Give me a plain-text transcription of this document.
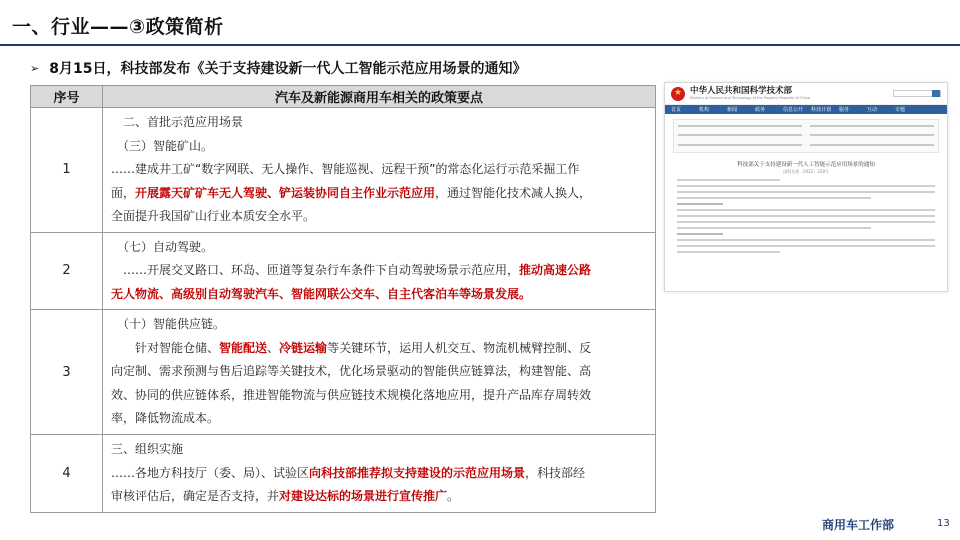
一、行业——③政策简析
➢ 8月15日，科技部发布《关于支持建设新一代人工智能示范应用场景的通知》
序号	汽车及新能源商用车相关的政策要点
1	二、首批示范应用场景
（三）智能矿山。
……建成井工矿“数字网联、无人操作、智能巡视、远程干预”的常态化运行示范采掘工作
面，开展露天矿矿车无人驾驶、铲运装协同自主作业示范应用，通过智能化技术减人换人，
全面提升我国矿山行业本质安全水平。

2	（七）自动驾驶。
……开展交叉路口、环岛、匝道等复杂行车条件下自动驾驶场景示范应用，推动高速公路
无人物流、高级别自动驾驶汽车、智能网联公交车、自主代客泊车等场景发展。

3	（十）智能供应链。
针对智能仓储、智能配送、冷链运输等关键环节，运用人机交互、物流机械臂控制、反
向定制、需求预测与售后追踪等关键技术，优化场景驱动的智能供应链算法，构建智能、高
效、协同的供应链体系，推进智能物流与供应链技术规模化落地应用，提升产品库存周转效
率，降低物流成本。

4	三、组织实施
……各地方科技厅（委、局）、试验区向科技部推荐拟支持建设的示范应用场景，科技部经
审核评估后，确定是否支持，并对建设达标的场景进行宣传推广。
★ 中华人民共和国科学技术部
Ministry of Science and Technology of the People's Republic of China
首页	机构	新闻	政务	信息公开	科技计划	服务	互动	专题
科技部关于支持建设新一代人工智能示范应用场景的通知
国科发规〔2022〕228号
商用车工作部	13
